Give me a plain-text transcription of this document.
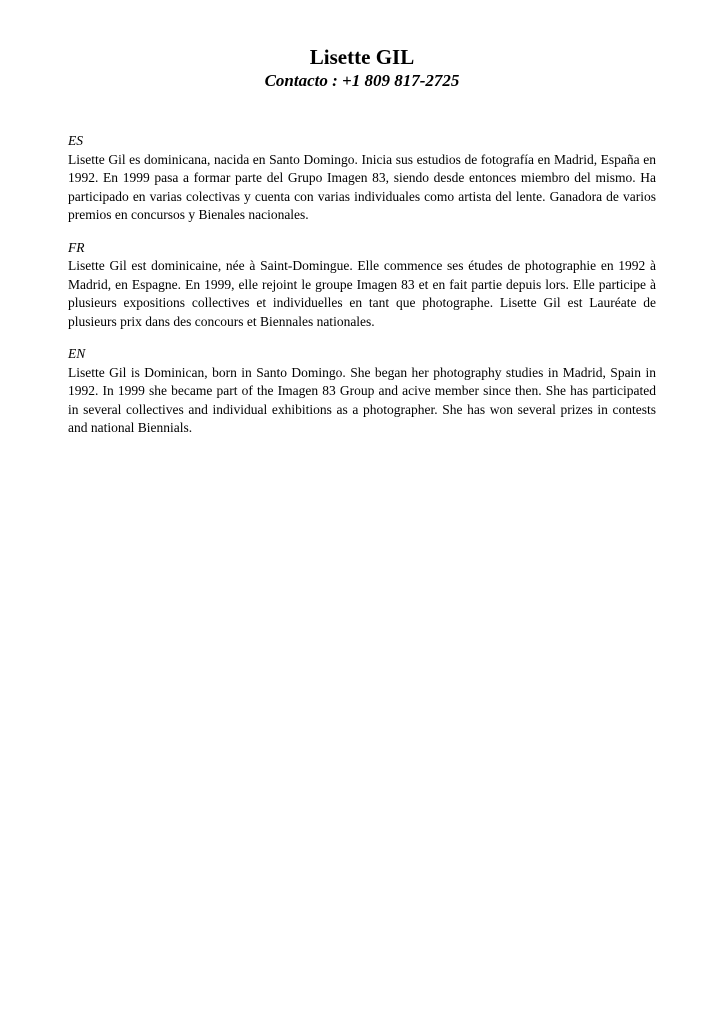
Lisette GIL

Contacto : +1 809 817-2725

ES

Lisette Gil es dominicana, nacida en Santo Domingo. Inicia sus estudios de fotografía en Madrid, España en 1992. En 1999 pasa a formar parte del Grupo Imagen 83, siendo desde entonces miembro del mismo. Ha participado en varias colectivas y cuenta con varias individuales como artista del lente. Ganadora de varios premios en concursos y Bienales nacionales.

FR

Lisette Gil est dominicaine, née à Saint-Domingue. Elle commence ses études de photographie en 1992 à Madrid, en Espagne. En 1999, elle rejoint le groupe Imagen 83 et en fait partie depuis lors. Elle participe à plusieurs expositions collectives et individuelles en tant que photographe. Lisette Gil est Lauréate de plusieurs prix dans des concours et Biennales nationales.

EN

Lisette Gil is Dominican, born in Santo Domingo. She began her photography studies in Madrid, Spain in 1992. In 1999 she became part of the Imagen 83 Group and acive member since then. She has participated in several collectives and individual exhibitions as a photographer. She has won several prizes in contests and national Biennials.
